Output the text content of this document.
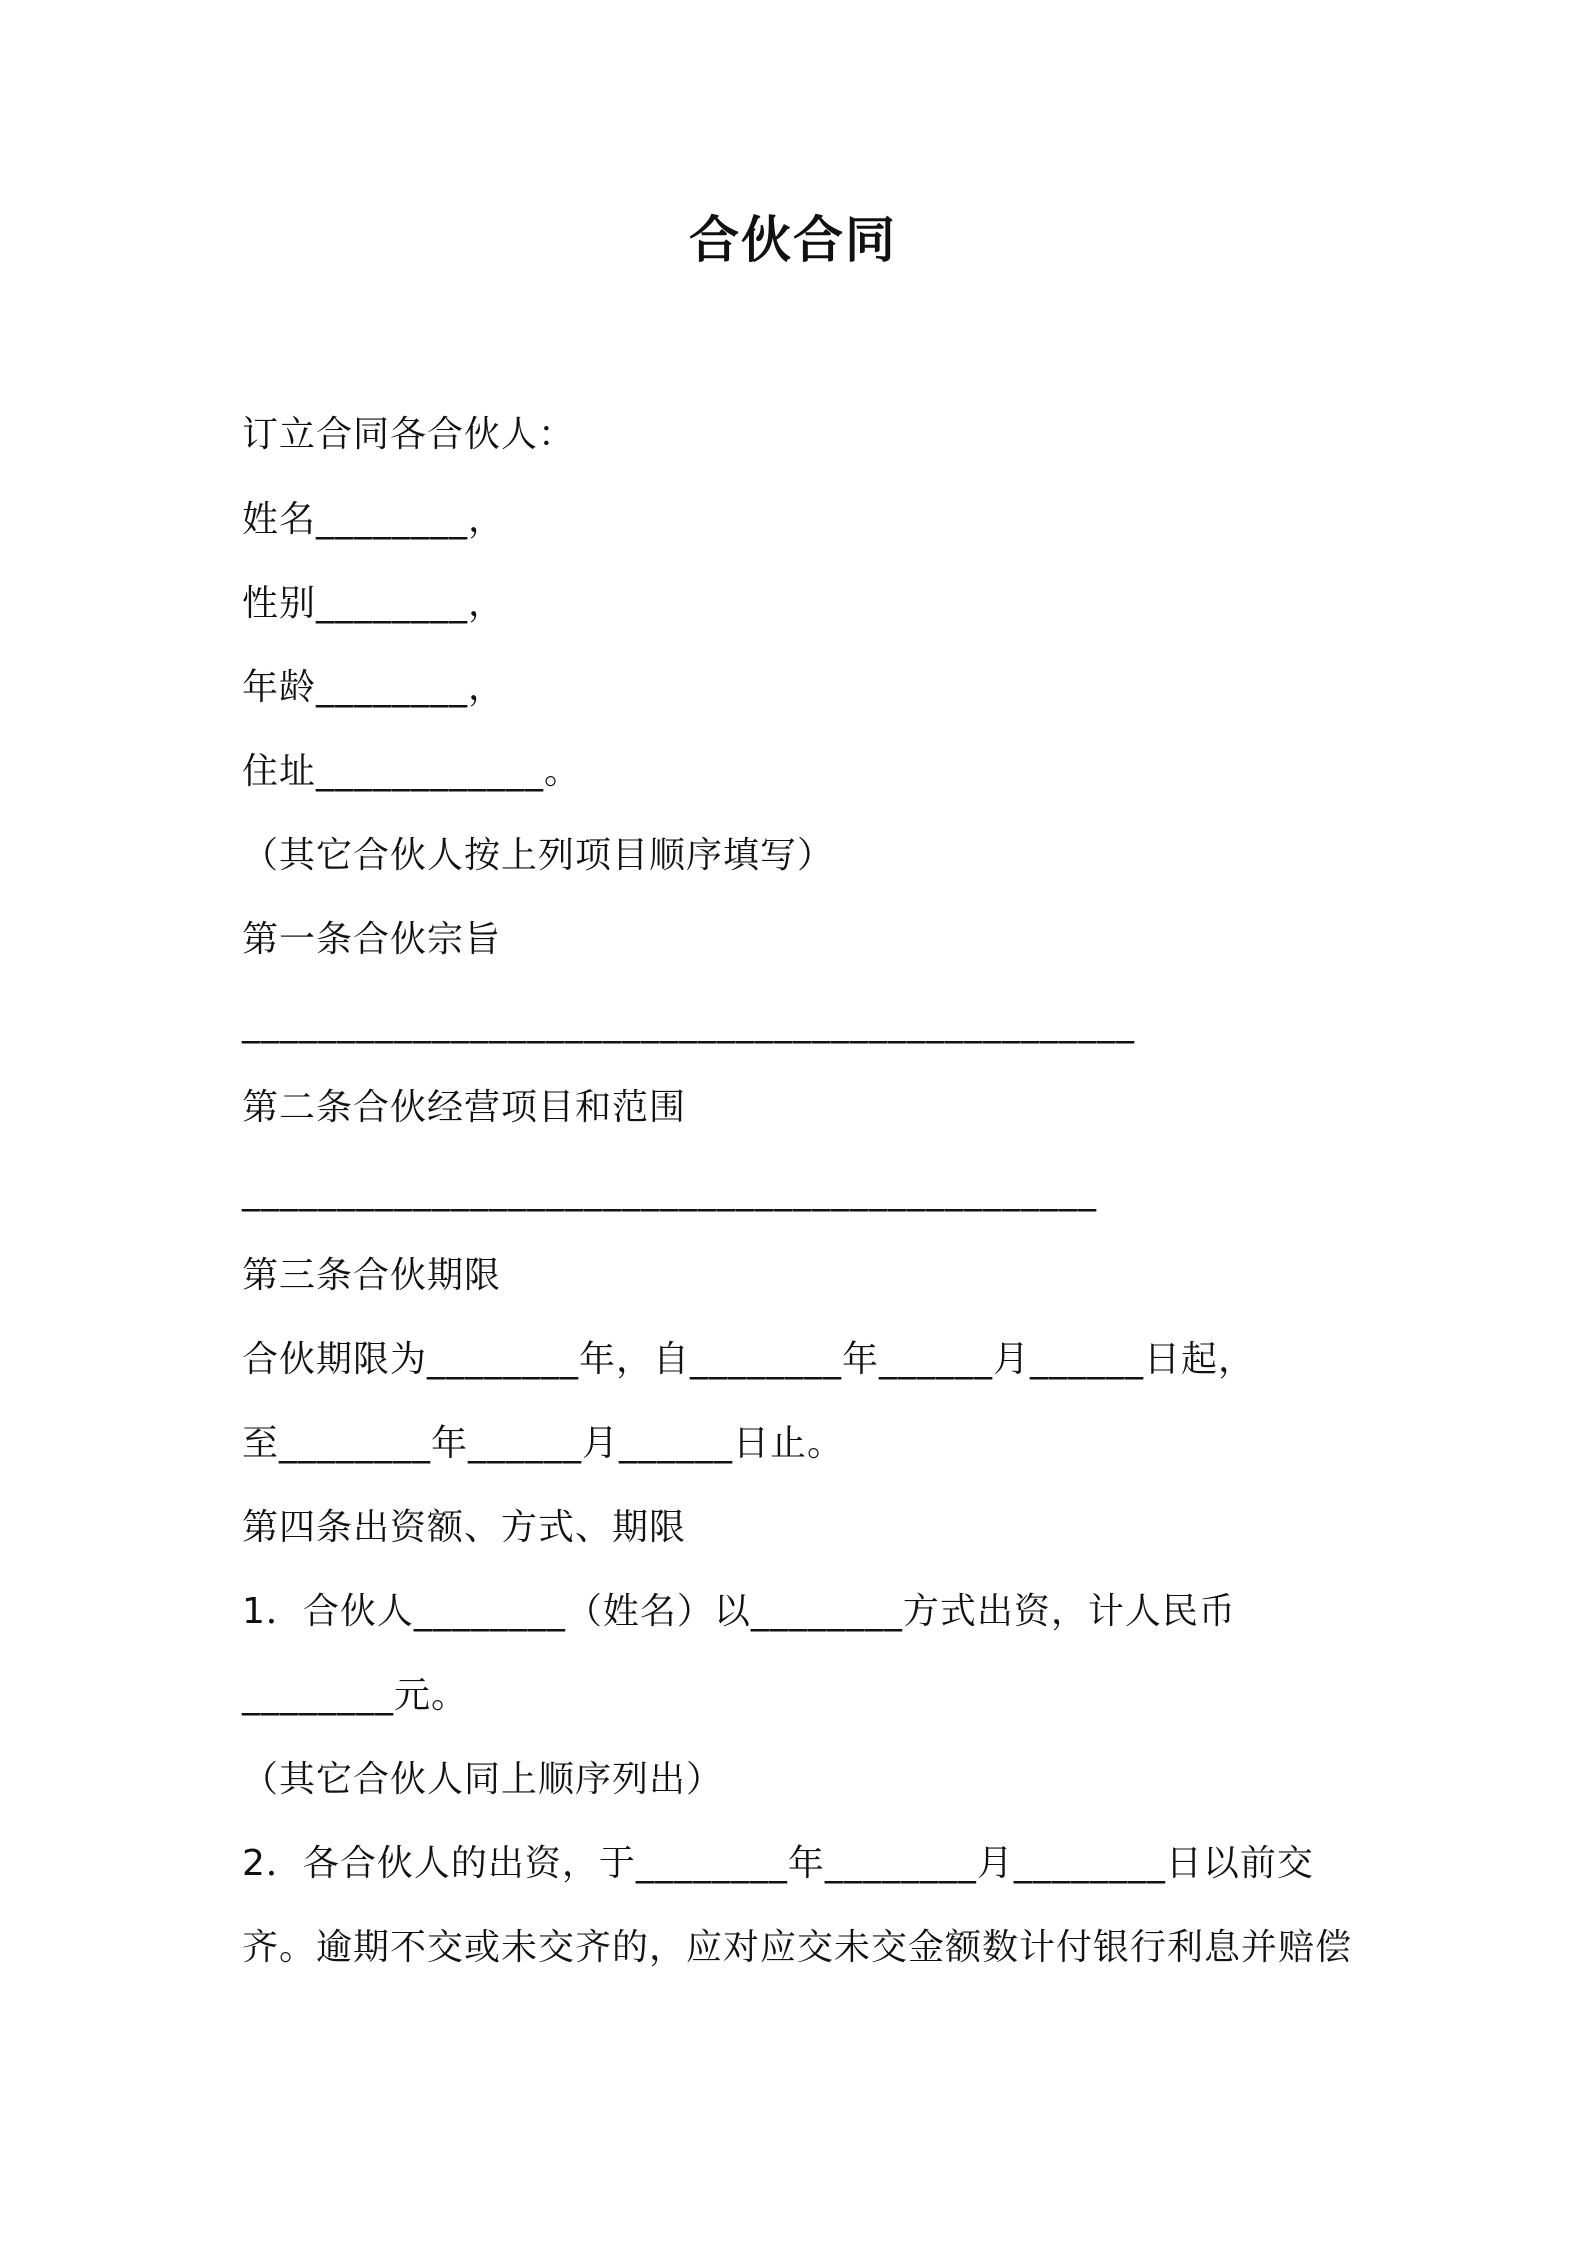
合伙合同
订立合同各合伙人：
姓名________，
性别________，
年龄________，
住址____________。
（其它合伙人按上列项目顺序填写）
第一条合伙宗旨
_______________________________________________
第二条合伙经营项目和范围
_____________________________________________
第三条合伙期限
合伙期限为________年，自________年______月______日起，
至________年______月______日止。
第四条出资额、方式、期限
1．合伙人________（姓名）以________方式出资，计人民币
________元。
（其它合伙人同上顺序列出）
2．各合伙人的出资，于________年________月________日以前交
齐。逾期不交或未交齐的，应对应交未交金额数计付银行利息并赔偿
